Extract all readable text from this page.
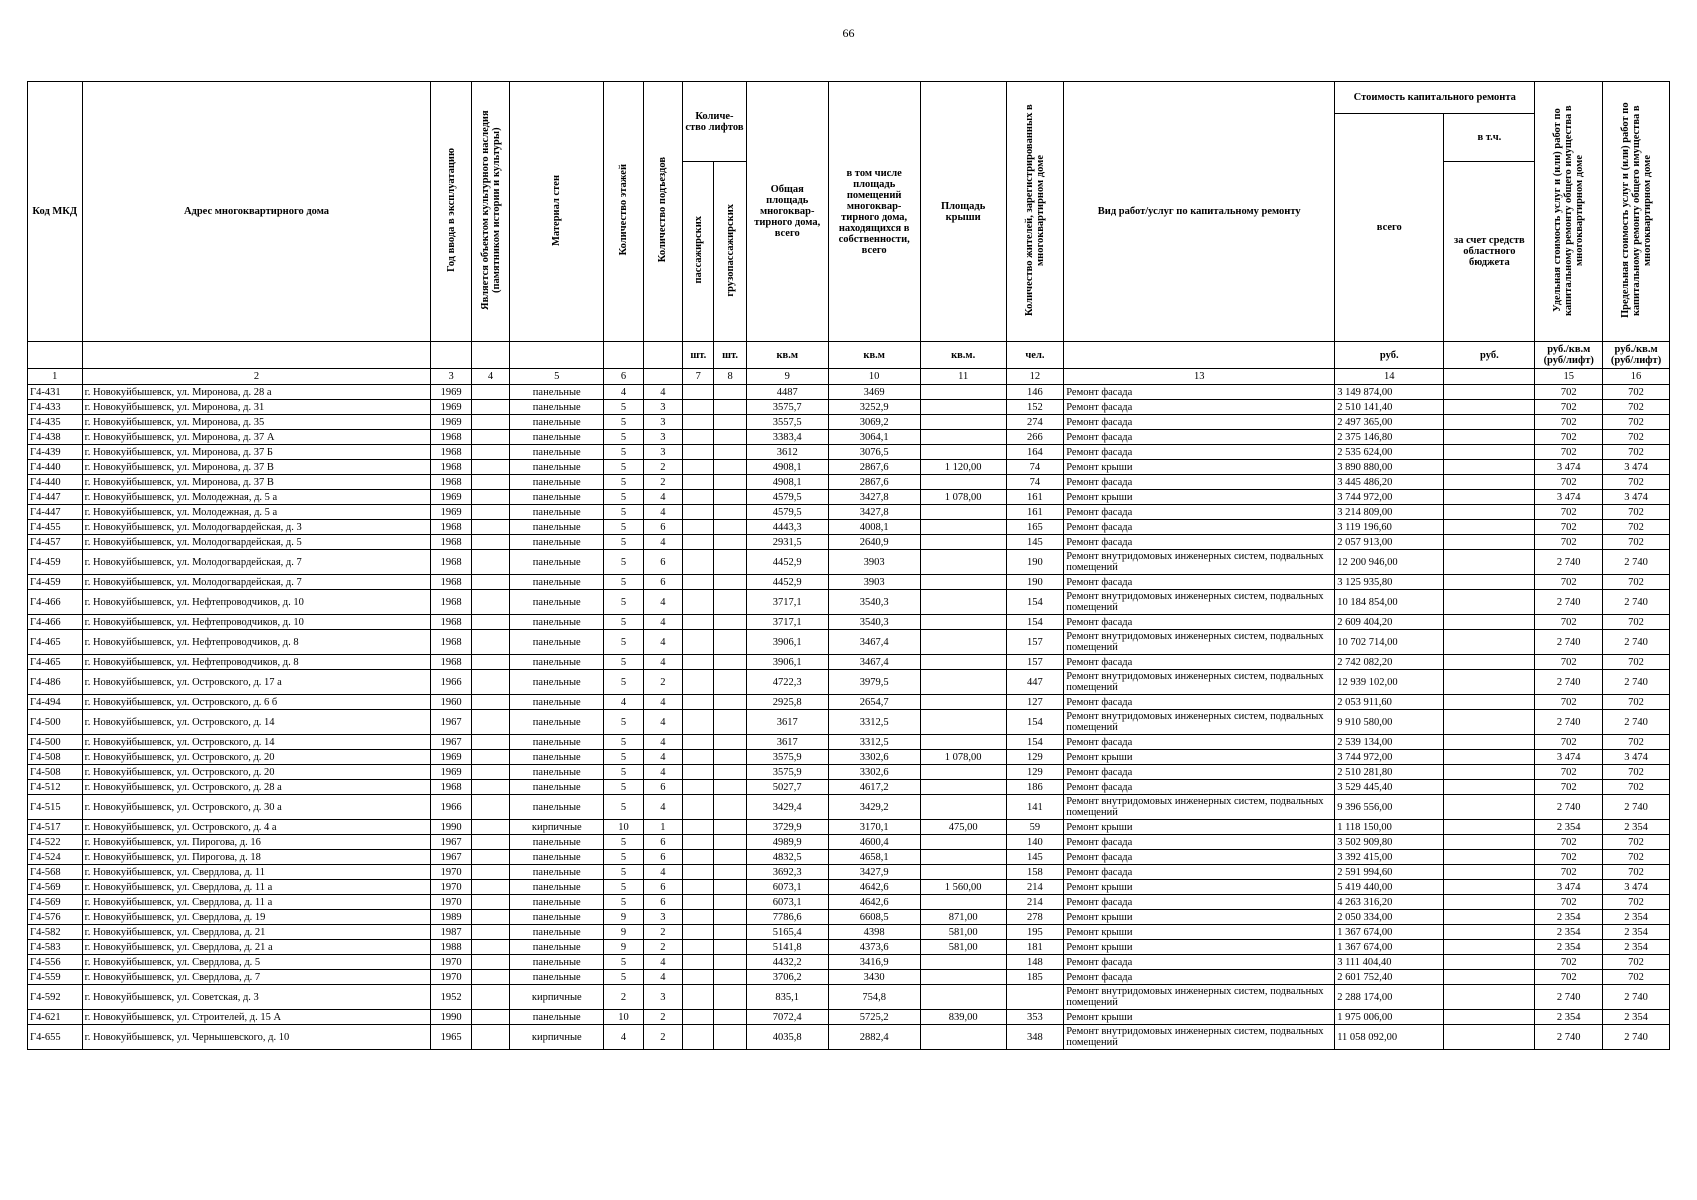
66
Код МКД	Адрес многоквартирного дома	Год ввода в эксплуатацию	Является объектом культурного наследия (памятником истории и культуры)	Материал стен	Количество этажей	Количество подъездов	Количе-ство лифтов		Общая площадь многоквар-тирного дома, всего	в том числе площадь помещений многоквар-тирного дома, находящихся в собственности, всего	Площадь крыши	Количество жителей, зарегистрированных в многоквартирном доме	Вид работ/услуг по капитальному ремонту	Стоимость капитального ремонта		Удельная стоимость услуг и (или) работ по капитальному ремонту общего имущества в многоквартирном доме	Предельная стоимость услуг и (или) работ по капитальному ремонту общего имущества в многоквартирном доме
														всего	в т.ч.		
							пассажирских	грузопассажирских							за счет средств областного бюджета		
							шт.	шт.	кв.м	кв.м	кв.м.	чел.		руб.	руб.	руб./кв.м (руб/лифт)	руб./кв.м (руб/лифт)
1	2	3	4	5	6		7	8	9	10	11	12	13	14		15	16
Г4-431	г. Новокуйбышевск, ул. Миронова, д. 28 а	1969		панельные	4	4			4487	3469		146	Ремонт фасада	3 149 874,00		702	702
Г4-433	г. Новокуйбышевск, ул. Миронова, д. 31	1969		панельные	5	3			3575,7	3252,9		152	Ремонт фасада	2 510 141,40		702	702
Г4-435	г. Новокуйбышевск, ул. Миронова, д. 35	1969		панельные	5	3			3557,5	3069,2		274	Ремонт фасада	2 497 365,00		702	702
Г4-438	г. Новокуйбышевск, ул. Миронова, д. 37 А	1968		панельные	5	3			3383,4	3064,1		266	Ремонт фасада	2 375 146,80		702	702
Г4-439	г. Новокуйбышевск, ул. Миронова, д. 37 Б	1968		панельные	5	3			3612	3076,5		164	Ремонт фасада	2 535 624,00		702	702
Г4-440	г. Новокуйбышевск, ул. Миронова, д. 37 В	1968		панельные	5	2			4908,1	2867,6	1 120,00	74	Ремонт крыши	3 890 880,00		3 474	3 474
Г4-440	г. Новокуйбышевск, ул. Миронова, д. 37 В	1968		панельные	5	2			4908,1	2867,6		74	Ремонт фасада	3 445 486,20		702	702
Г4-447	г. Новокуйбышевск, ул. Молодежная, д. 5 а	1969		панельные	5	4			4579,5	3427,8	1 078,00	161	Ремонт крыши	3 744 972,00		3 474	3 474
Г4-447	г. Новокуйбышевск, ул. Молодежная, д. 5 а	1969		панельные	5	4			4579,5	3427,8		161	Ремонт фасада	3 214 809,00		702	702
Г4-455	г. Новокуйбышевск, ул. Молодогвардейская, д. 3	1968		панельные	5	6			4443,3	4008,1		165	Ремонт фасада	3 119 196,60		702	702
Г4-457	г. Новокуйбышевск, ул. Молодогвардейская, д. 5	1968		панельные	5	4			2931,5	2640,9		145	Ремонт фасада	2 057 913,00		702	702
Г4-459	г. Новокуйбышевск, ул. Молодогвардейская, д. 7	1968		панельные	5	6			4452,9	3903		190	Ремонт внутридомовых инженерных систем, подвальных помещений	12 200 946,00		2 740	2 740
Г4-459	г. Новокуйбышевск, ул. Молодогвардейская, д. 7	1968		панельные	5	6			4452,9	3903		190	Ремонт фасада	3 125 935,80		702	702
Г4-466	г. Новокуйбышевск, ул. Нефтепроводчиков, д. 10	1968		панельные	5	4			3717,1	3540,3		154	Ремонт внутридомовых инженерных систем, подвальных помещений	10 184 854,00		2 740	2 740
Г4-466	г. Новокуйбышевск, ул. Нефтепроводчиков, д. 10	1968		панельные	5	4			3717,1	3540,3		154	Ремонт фасада	2 609 404,20		702	702
Г4-465	г. Новокуйбышевск, ул. Нефтепроводчиков, д. 8	1968		панельные	5	4			3906,1	3467,4		157	Ремонт внутридомовых инженерных систем, подвальных помещений	10 702 714,00		2 740	2 740
Г4-465	г. Новокуйбышевск, ул. Нефтепроводчиков, д. 8	1968		панельные	5	4			3906,1	3467,4		157	Ремонт фасада	2 742 082,20		702	702
Г4-486	г. Новокуйбышевск, ул. Островского, д. 17 а	1966		панельные	5	2			4722,3	3979,5		447	Ремонт внутридомовых инженерных систем, подвальных помещений	12 939 102,00		2 740	2 740
Г4-494	г. Новокуйбышевск, ул. Островского, д. 6 б	1960		панельные	4	4			2925,8	2654,7		127	Ремонт фасада	2 053 911,60		702	702
Г4-500	г. Новокуйбышевск, ул. Островского, д. 14	1967		панельные	5	4			3617	3312,5		154	Ремонт внутридомовых инженерных систем, подвальных помещений	9 910 580,00		2 740	2 740
Г4-500	г. Новокуйбышевск, ул. Островского, д. 14	1967		панельные	5	4			3617	3312,5		154	Ремонт фасада	2 539 134,00		702	702
Г4-508	г. Новокуйбышевск, ул. Островского, д. 20	1969		панельные	5	4			3575,9	3302,6	1 078,00	129	Ремонт крыши	3 744 972,00		3 474	3 474
Г4-508	г. Новокуйбышевск, ул. Островского, д. 20	1969		панельные	5	4			3575,9	3302,6		129	Ремонт фасада	2 510 281,80		702	702
Г4-512	г. Новокуйбышевск, ул. Островского, д. 28 а	1968		панельные	5	6			5027,7	4617,2		186	Ремонт фасада	3 529 445,40		702	702
Г4-515	г. Новокуйбышевск, ул. Островского, д. 30 а	1966		панельные	5	4			3429,4	3429,2		141	Ремонт внутридомовых инженерных систем, подвальных помещений	9 396 556,00		2 740	2 740
Г4-517	г. Новокуйбышевск, ул. Островского, д. 4 а	1990		кирпичные	10	1			3729,9	3170,1	475,00	59	Ремонт крыши	1 118 150,00		2 354	2 354
Г4-522	г. Новокуйбышевск, ул. Пирогова, д. 16	1967		панельные	5	6			4989,9	4600,4		140	Ремонт фасада	3 502 909,80		702	702
Г4-524	г. Новокуйбышевск, ул. Пирогова, д. 18	1967		панельные	5	6			4832,5	4658,1		145	Ремонт фасада	3 392 415,00		702	702
Г4-568	г. Новокуйбышевск, ул. Свердлова, д. 11	1970		панельные	5	4			3692,3	3427,9		158	Ремонт фасада	2 591 994,60		702	702
Г4-569	г. Новокуйбышевск, ул. Свердлова, д. 11 а	1970		панельные	5	6			6073,1	4642,6	1 560,00	214	Ремонт крыши	5 419 440,00		3 474	3 474
Г4-569	г. Новокуйбышевск, ул. Свердлова, д. 11 а	1970		панельные	5	6			6073,1	4642,6		214	Ремонт фасада	4 263 316,20		702	702
Г4-576	г. Новокуйбышевск, ул. Свердлова, д. 19	1989		панельные	9	3			7786,6	6608,5	871,00	278	Ремонт крыши	2 050 334,00		2 354	2 354
Г4-582	г. Новокуйбышевск, ул. Свердлова, д. 21	1987		панельные	9	2			5165,4	4398	581,00	195	Ремонт крыши	1 367 674,00		2 354	2 354
Г4-583	г. Новокуйбышевск, ул. Свердлова, д. 21 а	1988		панельные	9	2			5141,8	4373,6	581,00	181	Ремонт крыши	1 367 674,00		2 354	2 354
Г4-556	г. Новокуйбышевск, ул. Свердлова, д. 5	1970		панельные	5	4			4432,2	3416,9		148	Ремонт фасада	3 111 404,40		702	702
Г4-559	г. Новокуйбышевск, ул. Свердлова, д. 7	1970		панельные	5	4			3706,2	3430		185	Ремонт фасада	2 601 752,40		702	702
Г4-592	г. Новокуйбышевск, ул. Советская, д. 3	1952		кирпичные	2	3			835,1	754,8			Ремонт внутридомовых инженерных систем, подвальных помещений	2 288 174,00		2 740	2 740
Г4-621	г. Новокуйбышевск, ул. Строителей, д. 15 А	1990		панельные	10	2			7072,4	5725,2	839,00	353	Ремонт крыши	1 975 006,00		2 354	2 354
Г4-655	г. Новокуйбышевск, ул. Чернышевского, д. 10	1965		кирпичные	4	2			4035,8	2882,4		348	Ремонт внутридомовых инженерных систем, подвальных помещений	11 058 092,00		2 740	2 740
